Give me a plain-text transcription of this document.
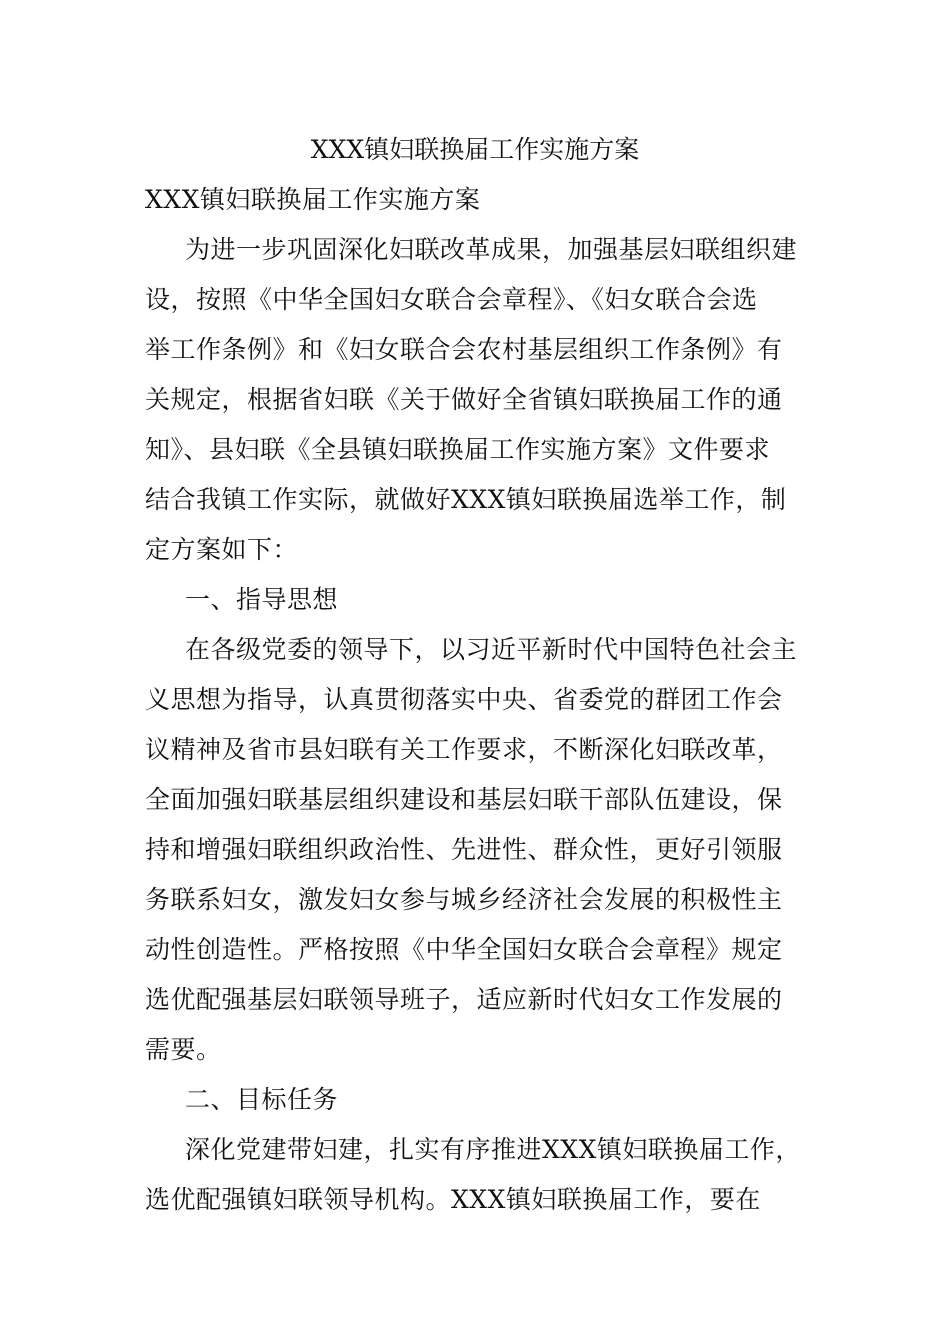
XXX镇妇联换届工作实施方案
XXX镇妇联换届工作实施方案
为进一步巩固深化妇联改革成果，加强基层妇联组织建
设，按照《中华全国妇女联合会章程》、《妇女联合会选
举工作条例》和《妇女联合会农村基层组织工作条例》有
关规定，根据省妇联《关于做好全省镇妇联换届工作的通
知》、县妇联《全县镇妇联换届工作实施方案》文件要求
结合我镇工作实际，就做好XXX镇妇联换届选举工作，制
定方案如下：
一、指导思想
在各级党委的领导下，以习近平新时代中国特色社会主
义思想为指导，认真贯彻落实中央、省委党的群团工作会
议精神及省市县妇联有关工作要求，不断深化妇联改革，
全面加强妇联基层组织建设和基层妇联干部队伍建设，保
持和增强妇联组织政治性、先进性、群众性，更好引领服
务联系妇女，激发妇女参与城乡经济社会发展的积极性主
动性创造性。严格按照《中华全国妇女联合会章程》规定
选优配强基层妇联领导班子，适应新时代妇女工作发展的
需要。
二、目标任务
深化党建带妇建，扎实有序推进XXX镇妇联换届工作，
选优配强镇妇联领导机构。XXX镇妇联换届工作，要在
